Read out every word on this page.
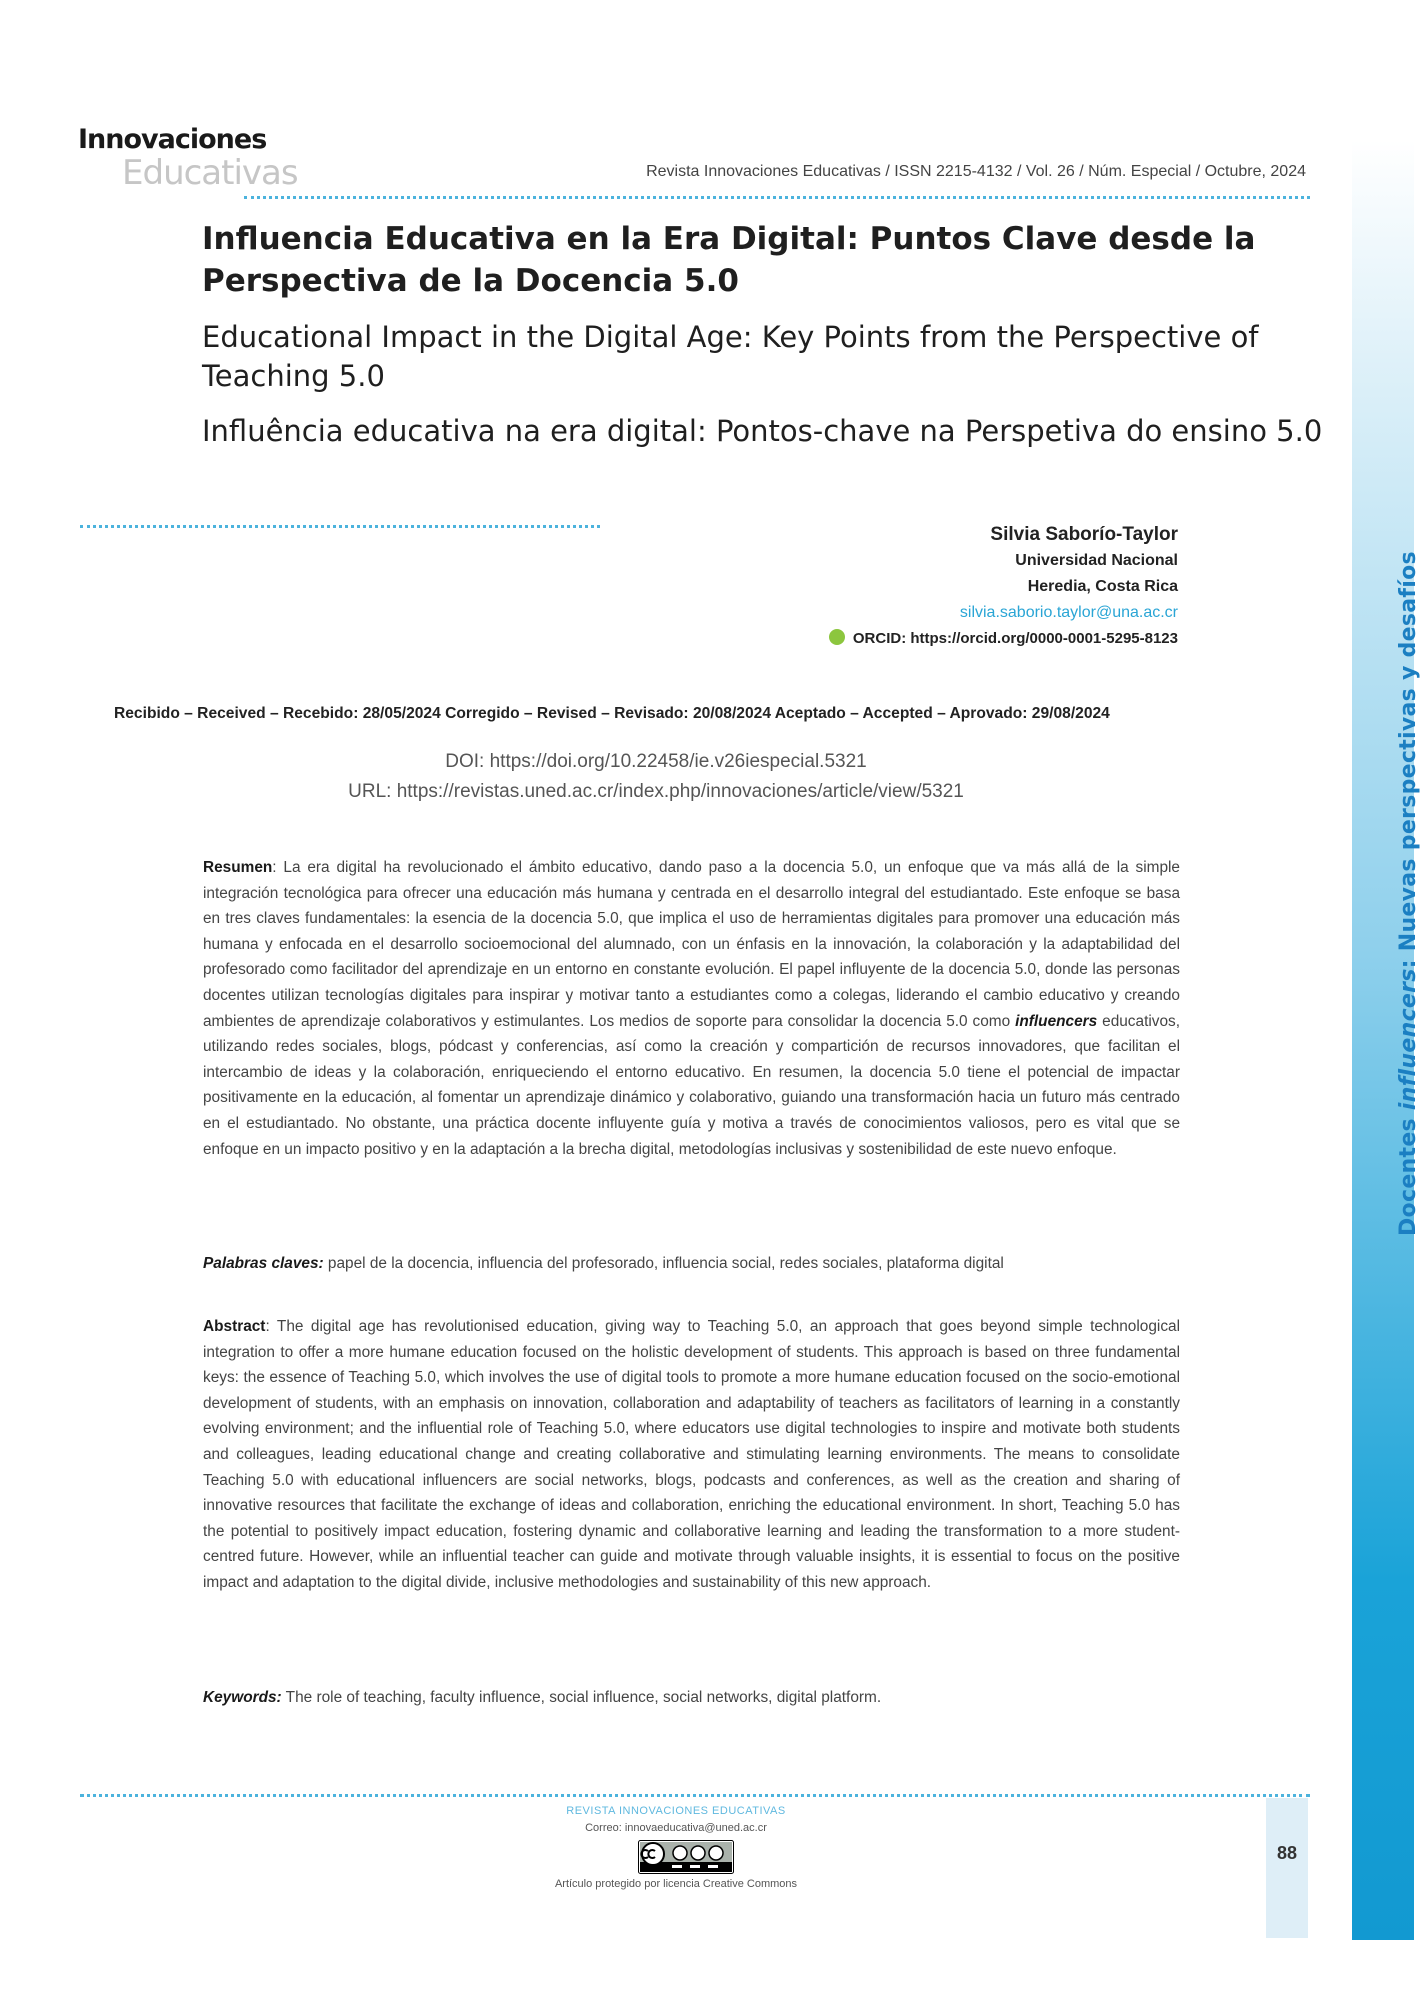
Docentes influencers: Nuevas perspectivas y desafíos
Innovaciones
Educativas	Revista Innovaciones Educativas / ISSN 2215-4132 / Vol. 26 / Núm. Especial / Octubre, 2024
Influencia Educativa en la Era Digital: Puntos Clave desde la Perspectiva de la Docencia 5.0
Educational Impact in the Digital Age: Key Points from the Perspective of Teaching 5.0
Influência educativa na era digital: Pontos-chave na Perspetiva do ensino 5.0
Silvia Saborío-Taylor
Universidad Nacional
Heredia, Costa Rica
silvia.saborio.taylor@una.ac.cr
ORCID: https://orcid.org/0000-0001-5295-8123
Recibido – Received – Recebido: 28/05/2024 Corregido – Revised – Revisado: 20/08/2024 Aceptado – Accepted – Aprovado: 29/08/2024
DOI: https://doi.org/10.22458/ie.v26iespecial.5321
URL: https://revistas.uned.ac.cr/index.php/innovaciones/article/view/5321
Resumen: La era digital ha revolucionado el ámbito educativo, dando paso a la docencia 5.0, un enfoque que va más allá de la simple integración tecnológica para ofrecer una educación más humana y centrada en el desarrollo integral del estudiantado. Este enfoque se basa en tres claves fundamentales: la esencia de la docencia 5.0, que implica el uso de herramientas digitales para promover una educación más humana y enfocada en el desarrollo socioemocional del alumnado, con un énfasis en la innovación, la colaboración y la adaptabilidad del profesorado como facilitador del aprendizaje en un entorno en constante evolución. El papel influyente de la docencia 5.0, donde las personas docentes utilizan tecnologías digitales para inspirar y motivar tanto a estudiantes como a colegas, liderando el cambio educativo y creando ambientes de aprendizaje colaborativos y estimulantes. Los medios de soporte para consolidar la docencia 5.0 como influencers educativos, utilizando redes sociales, blogs, pódcast y conferencias, así como la creación y compartición de recursos innovadores, que facilitan el intercambio de ideas y la colaboración, enriqueciendo el entorno educativo. En resumen, la docencia 5.0 tiene el potencial de impactar positivamente en la educación, al fomentar un aprendizaje dinámico y colaborativo, guiando una transformación hacia un futuro más centrado en el estudiantado. No obstante, una práctica docente influyente guía y motiva a través de conocimientos valiosos, pero es vital que se enfoque en un impacto positivo y en la adaptación a la brecha digital, metodologías inclusivas y sostenibilidad de este nuevo enfoque.
Palabras claves: papel de la docencia, influencia del profesorado, influencia social, redes sociales, plataforma digital
Abstract: The digital age has revolutionised education, giving way to Teaching 5.0, an approach that goes beyond simple technological integration to offer a more humane education focused on the holistic development of students. This approach is based on three fundamental keys: the essence of Teaching 5.0, which involves the use of digital tools to promote a more humane education focused on the socio-emotional development of students, with an emphasis on innovation, collaboration and adaptability of teachers as facilitators of learning in a constantly evolving environment; and the influential role of Teaching 5.0, where educators use digital technologies to inspire and motivate both students and colleagues, leading educational change and creating collaborative and stimulating learning environments. The means to consolidate Teaching 5.0 with educational influencers are social networks, blogs, podcasts and conferences, as well as the creation and sharing of innovative resources that facilitate the exchange of ideas and collaboration, enriching the educational environment. In short, Teaching 5.0 has the potential to positively impact education, fostering dynamic and collaborative learning and leading the transformation to a more student-centred future. However, while an influential teacher can guide and motivate through valuable insights, it is essential to focus on the positive impact and adaptation to the digital divide, inclusive methodologies and sustainability of this new approach.
Keywords: The role of teaching, faculty influence, social influence, social networks, digital platform.
REVISTA INNOVACIONES EDUCATIVAS
Correo: innovaeducativa@uned.ac.cr
Artículo protegido por licencia Creative Commons
88
